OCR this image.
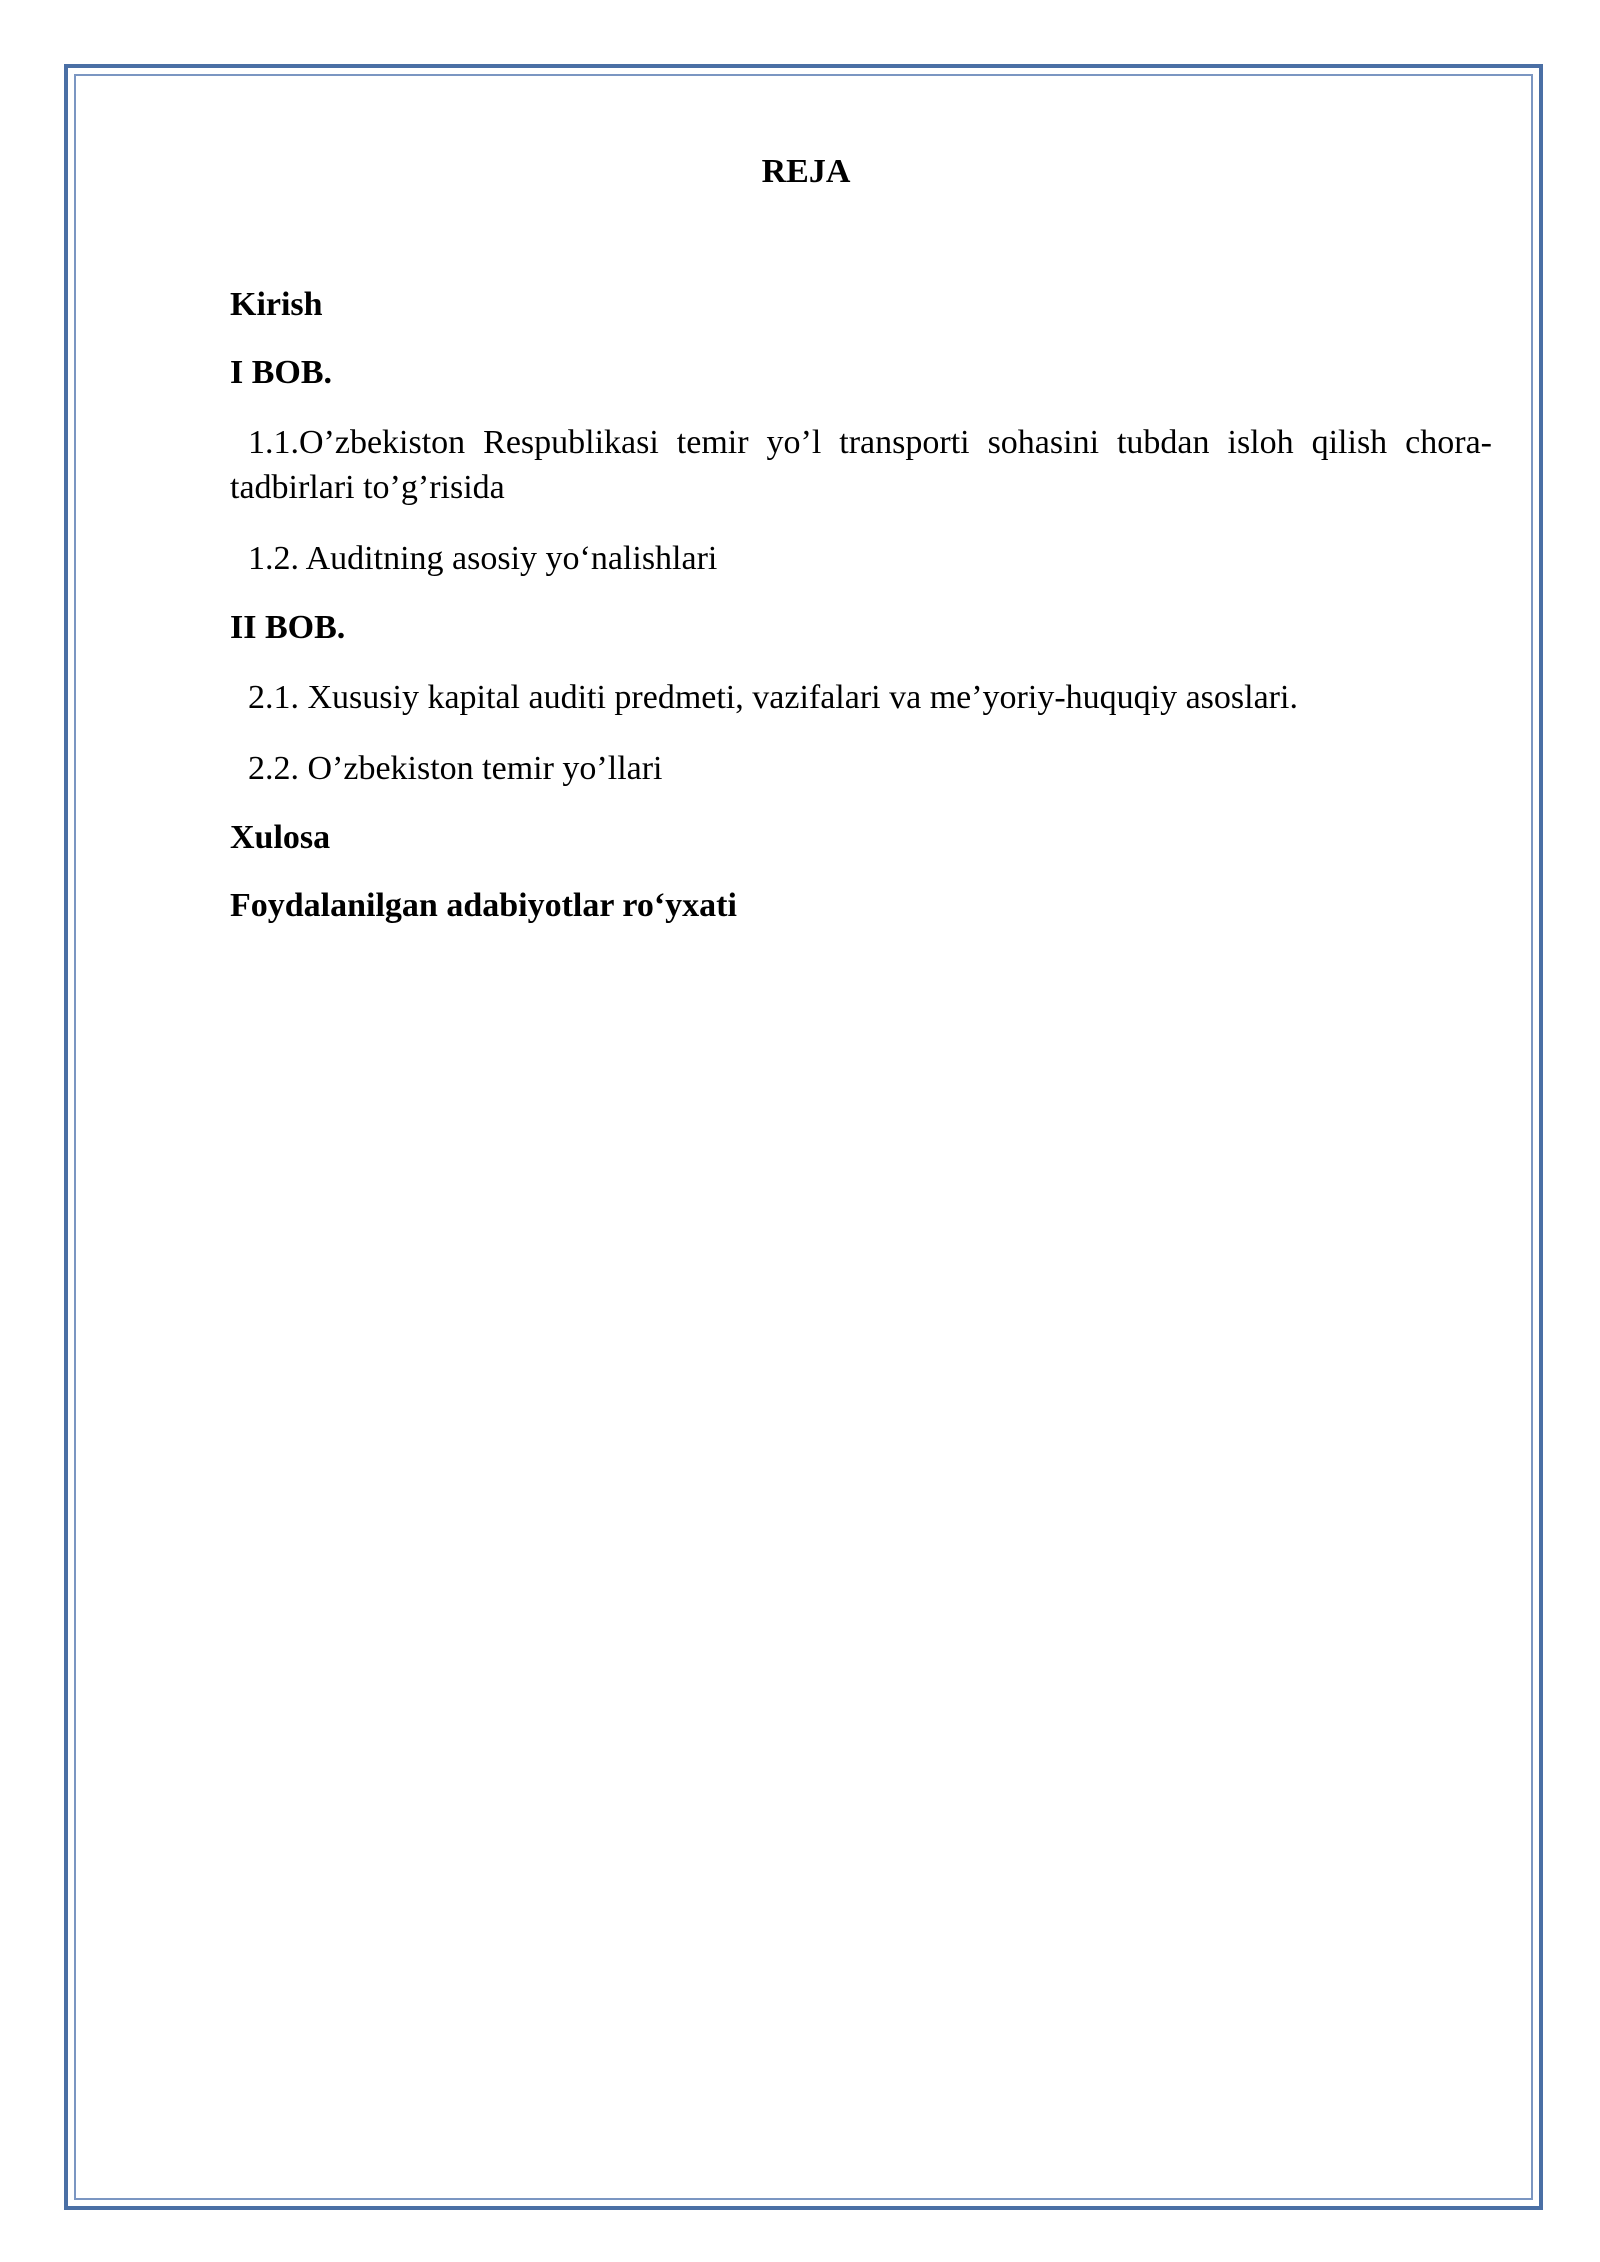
REJA
Kirish
I BOB.
1.1.O’zbekiston Respublikasi temir yo’l transporti sohasini tubdan isloh qilish chora-tadbirlari to’g’risida
1.2. Auditning asosiy yo‘nalishlari
II BOB.
2.1. Xususiy kapital auditi predmeti, vazifalari va me’yoriy-huquqiy asoslari.
2.2. O’zbekiston temir yo’llari
Xulosa
Foydalanilgan adabiyotlar ro‘yxati
